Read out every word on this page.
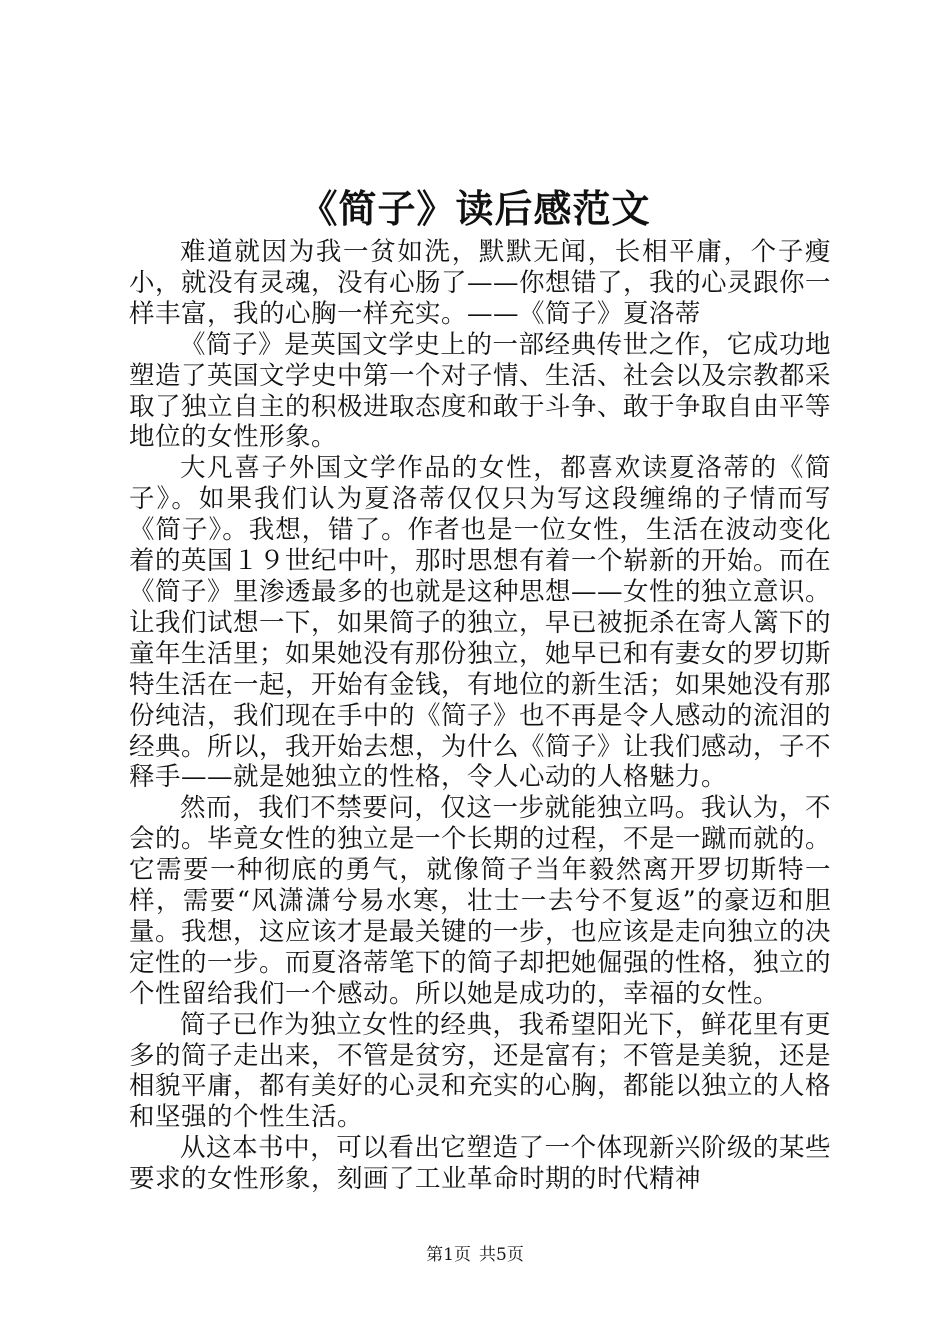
《简子》读后感范文

难道就因为我一贫如洗，默默无闻，长相平庸，个子瘦小，就没有灵魂，没有心肠了——你想错了，我的心灵跟你一样丰富，我的心胸一样充实。——《简子》夏洛蒂

《简子》是英国文学史上的一部经典传世之作，它成功地塑造了英国文学史中第一个对子情、生活、社会以及宗教都采取了独立自主的积极进取态度和敢于斗争、敢于争取自由平等地位的女性形象。

大凡喜子外国文学作品的女性，都喜欢读夏洛蒂的《简子》。如果我们认为夏洛蒂仅仅只为写这段缠绵的子情而写《简子》。我想，错了。作者也是一位女性，生活在波动变化着的英国１９世纪中叶，那时思想有着一个崭新的开始。而在《简子》里渗透最多的也就是这种思想——女性的独立意识。让我们试想一下，如果简子的独立，早已被扼杀在寄人篱下的童年生活里；如果她没有那份独立，她早已和有妻女的罗切斯特生活在一起，开始有金钱，有地位的新生活；如果她没有那份纯洁，我们现在手中的《简子》也不再是令人感动的流泪的经典。所以，我开始去想，为什么《简子》让我们感动，子不释手——就是她独立的性格，令人心动的人格魅力。

然而，我们不禁要问，仅这一步就能独立吗。我认为，不会的。毕竟女性的独立是一个长期的过程，不是一蹴而就的。它需要一种彻底的勇气，就像简子当年毅然离开罗切斯特一样，需要“风潇潇兮易水寒，壮士一去兮不复返”的豪迈和胆量。我想，这应该才是最关键的一步，也应该是走向独立的决定性的一步。而夏洛蒂笔下的简子却把她倔强的性格，独立的个性留给我们一个感动。所以她是成功的，幸福的女性。

简子已作为独立女性的经典，我希望阳光下，鲜花里有更多的简子走出来，不管是贫穷，还是富有；不管是美貌，还是相貌平庸，都有美好的心灵和充实的心胸，都能以独立的人格和坚强的个性生活。

从这本书中，可以看出它塑造了一个体现新兴阶级的某些要求的女性形象，刻画了工业革命时期的时代精神

第1页 共5页
